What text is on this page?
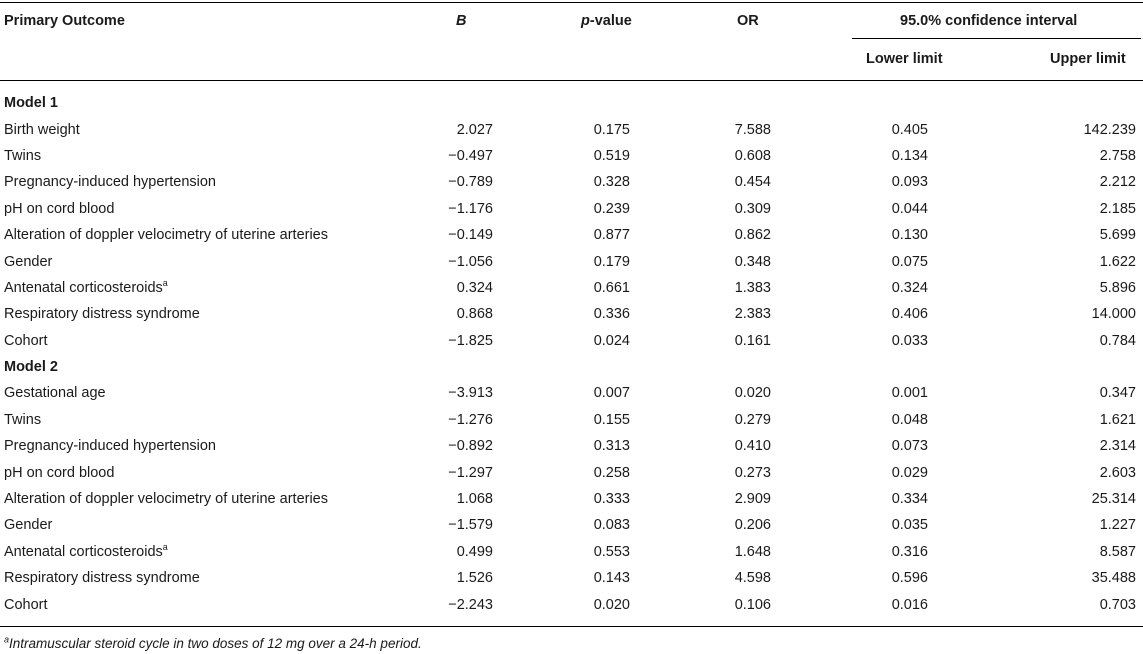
Primary Outcome	B	p-value	OR	95.0% confidence interval
Lower limit	Upper limit
Model 1						
Birth weight	2.027	0.175	7.588	0.405	142.239	
Twins	−0.497	0.519	0.608	0.134	2.758	
Pregnancy-induced hypertension	−0.789	0.328	0.454	0.093	2.212	
pH on cord blood	−1.176	0.239	0.309	0.044	2.185	
Alteration of doppler velocimetry of uterine arteries	−0.149	0.877	0.862	0.130	5.699	
Gender	−1.056	0.179	0.348	0.075	1.622	
Antenatal corticosteroids$^a$	0.324	0.661	1.383	0.324	5.896	
Respiratory distress syndrome	0.868	0.336	2.383	0.406	14.000	
Cohort	−1.825	0.024	0.161	0.033	0.784	
Model 2						
Gestational age	−3.913	0.007	0.020	0.001	0.347	
Twins	−1.276	0.155	0.279	0.048	1.621	
Pregnancy-induced hypertension	−0.892	0.313	0.410	0.073	2.314	
pH on cord blood	−1.297	0.258	0.273	0.029	2.603	
Alteration of doppler velocimetry of uterine arteries	1.068	0.333	2.909	0.334	25.314	
Gender	−1.579	0.083	0.206	0.035	1.227	
Antenatal corticosteroids$^a$	0.499	0.553	1.648	0.316	8.587	
Respiratory distress syndrome	1.526	0.143	4.598	0.596	35.488	
Cohort	−2.243	0.020	0.106	0.016	0.703	
$^a$Intramuscular steroid cycle in two doses of 12 mg over a 24-h period.
